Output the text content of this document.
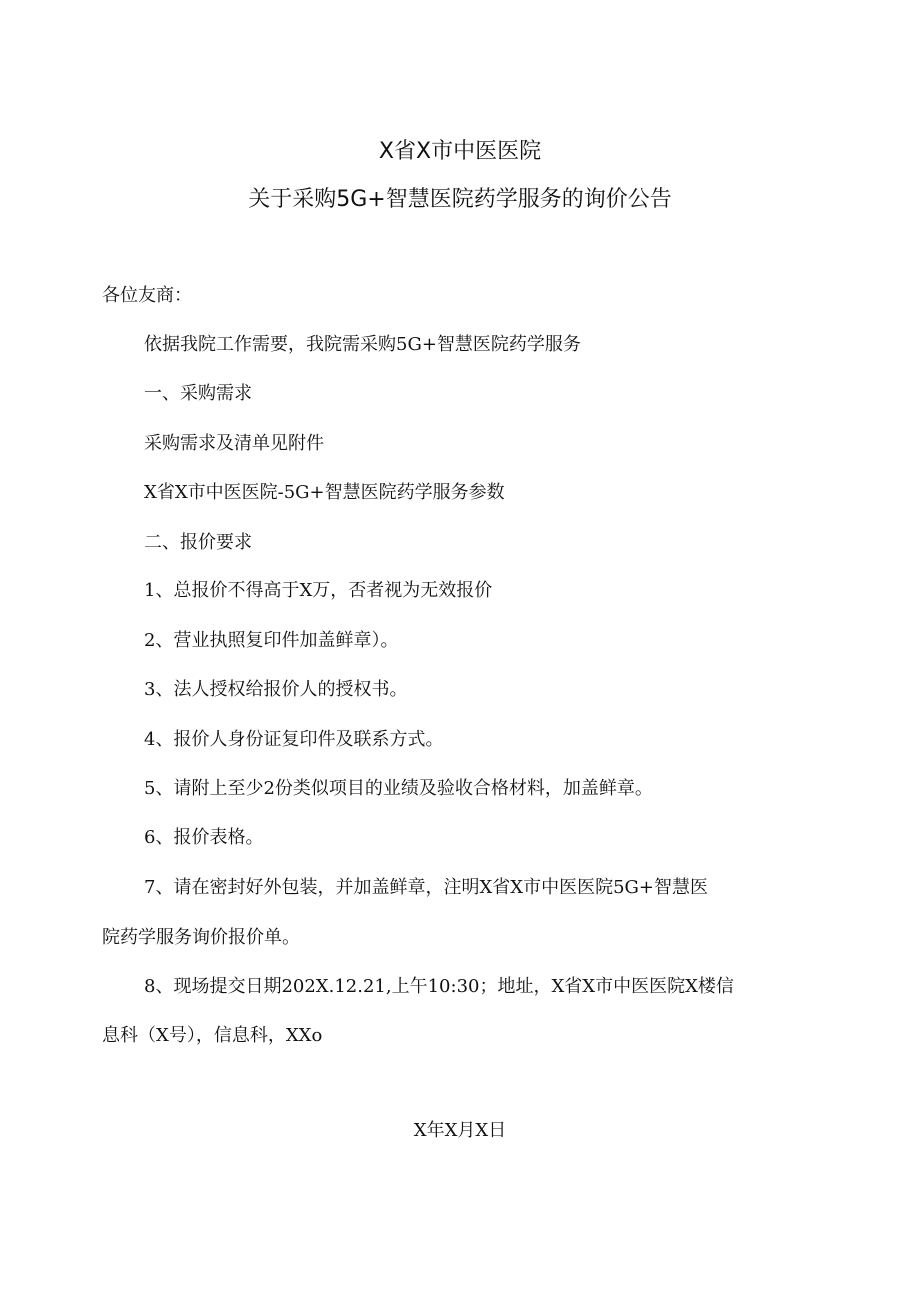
X省X市中医医院
关于采购5G+智慧医院药学服务的询价公告
各位友商：
依据我院工作需要，我院需采购5G+智慧医院药学服务
一、采购需求
采购需求及清单见附件
X省X市中医医院-5G+智慧医院药学服务参数
二、报价要求
1、总报价不得高于X万，否者视为无效报价
2、营业执照复印件加盖鲜章）。
3、法人授权给报价人的授权书。
4、报价人身份证复印件及联系方式。
5、请附上至少2份类似项目的业绩及验收合格材料，加盖鲜章。
6、报价表格。
7、请在密封好外包装，并加盖鲜章，注明X省X市中医医院5G+智慧医
院药学服务询价报价单。
8、现场提交日期202X.12.21,上午10:30；地址，X省X市中医医院X楼信
息科（X号），信息科，XXo
X年X月X日
